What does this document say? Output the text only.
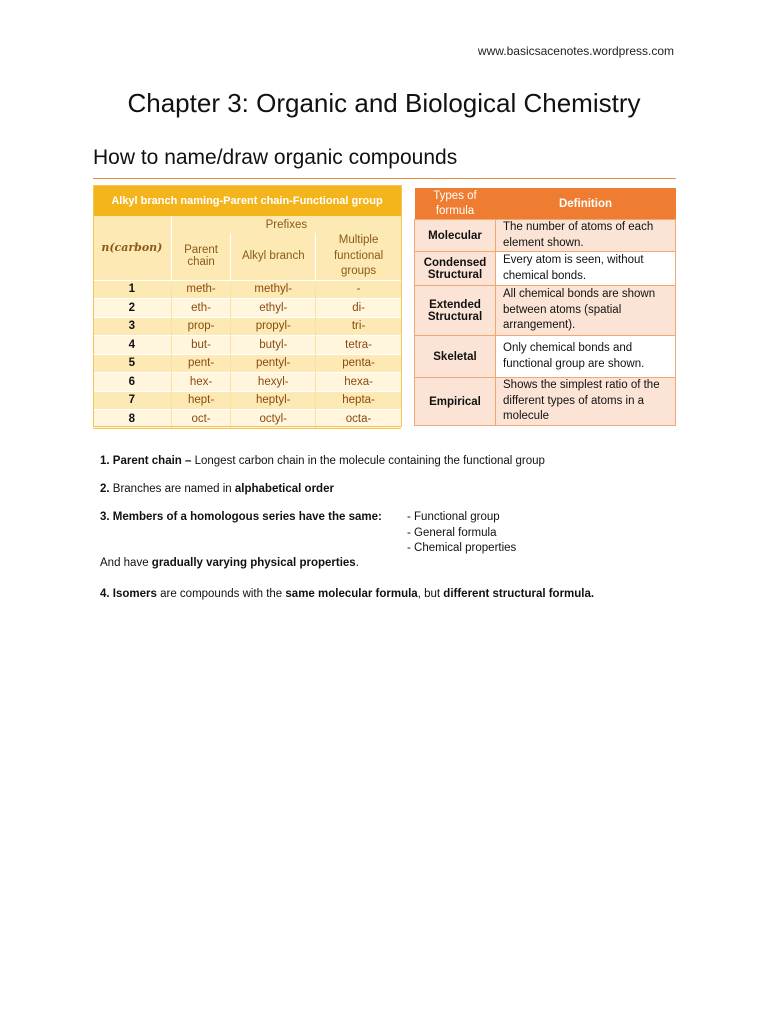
www.basicsacenotes.wordpress.com
Chapter 3: Organic and Biological Chemistry
How to name/draw organic compounds
Alkyl branch naming-Parent chain-Functional group			
n(carbon)	Prefixes		
	Parent chain	Alkyl branch	Multiple functional groups
1	meth-	methyl-	-
2	eth-	ethyl-	di-
3	prop-	propyl-	tri-
4	but-	butyl-	tetra-
5	pent-	pentyl-	penta-
6	hex-	hexyl-	hexa-
7	hept-	heptyl-	hepta-
8	oct-	octyl-	octa-
Types of formula	Definition
Molecular	The number of atoms of each element shown.
Condensed Structural	Every atom is seen, without chemical bonds.
Extended Structural	All chemical bonds are shown between atoms (spatial arrangement).
Skeletal	Only chemical bonds and functional group are shown.
Empirical	Shows the simplest ratio of the different types of atoms in a molecule
1. Parent chain – Longest carbon chain in the molecule containing the functional group
2. Branches are named in alphabetical order
3. Members of a homologous series have the same: - Functional group
- General formula
- Chemical properties
And have gradually varying physical properties.
4. Isomers are compounds with the same molecular formula, but different structural formula.
